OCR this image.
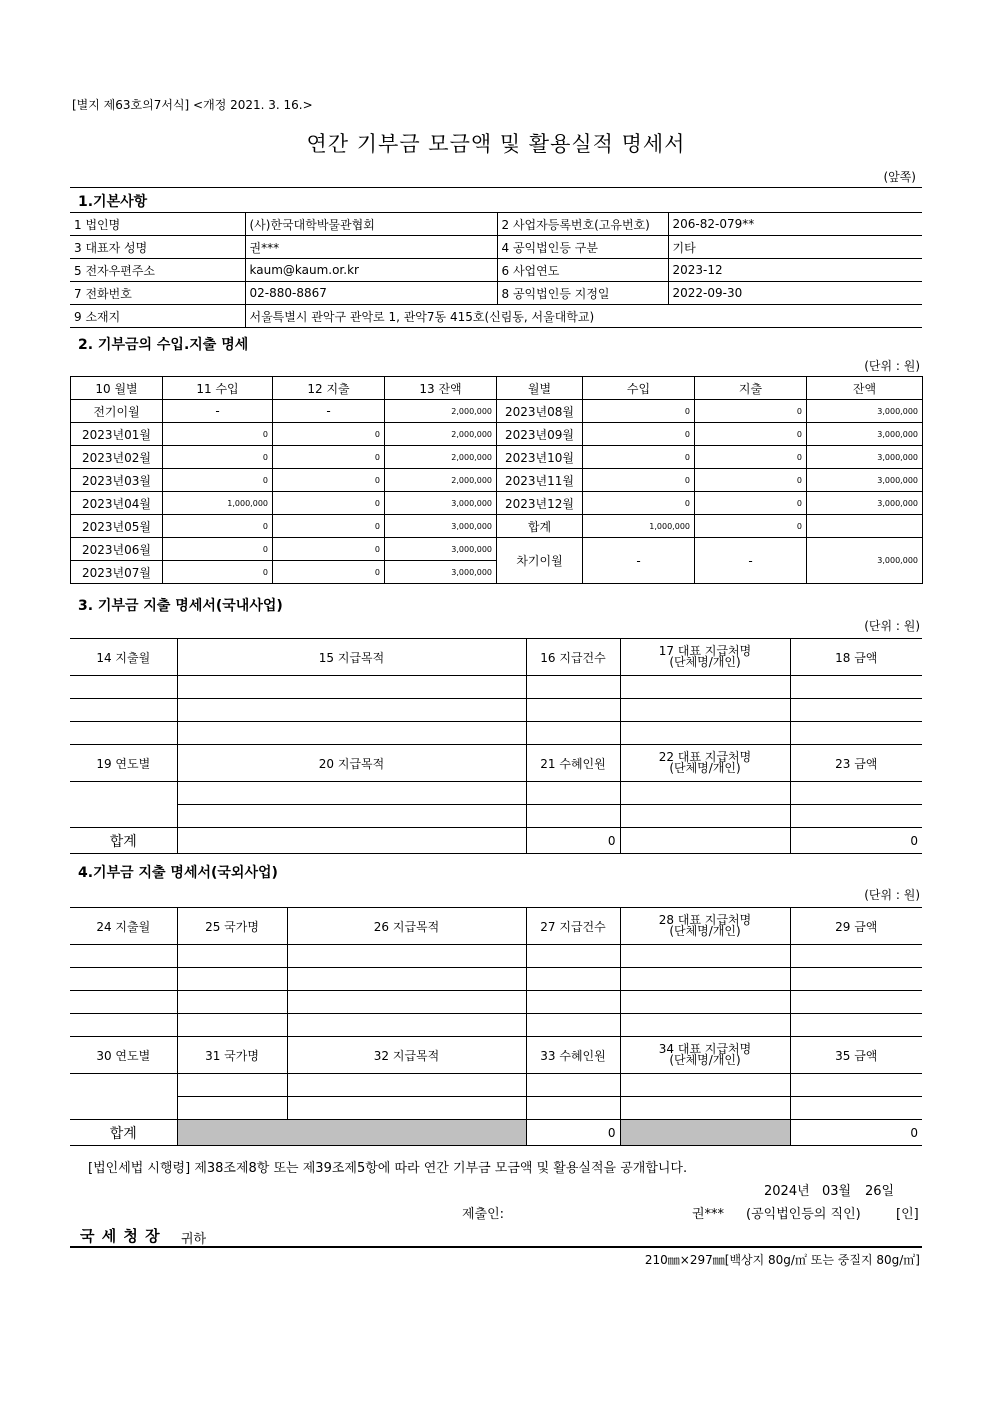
[별지 제63호의7서식] <개정 2021. 3. 16.>
연간 기부금 모금액 및 활용실적 명세서
(앞쪽)
1.기본사항
1 법인명	(사)한국대학박물관협회	2 사업자등록번호(고유번호)	206-82-079**
3 대표자 성명	권***	4 공익법인등 구분	기타
5 전자우편주소	kaum@kaum.or.kr	6 사업연도	2023-12
7 전화번호	02-880-8867	8 공익법인등 지정일	2022-09-30
9 소재지	서울특별시 관악구 관악로 1, 관악7동 415호(신림동, 서울대학교)		
2. 기부금의 수입.지출 명세
(단위 : 원)
10 월별	11 수입	12 지출	13 잔액	월별	수입	지출	잔액
전기이월	-	-	2,000,000	2023년08월	0	0	3,000,000
2023년01월	0	0	2,000,000	2023년09월	0	0	3,000,000
2023년02월	0	0	2,000,000	2023년10월	0	0	3,000,000
2023년03월	0	0	2,000,000	2023년11월	0	0	3,000,000
2023년04월	1,000,000	0	3,000,000	2023년12월	0	0	3,000,000
2023년05월	0	0	3,000,000	합계	1,000,000	0	
2023년06월	0	0	3,000,000	차기이월	-	-	3,000,000
2023년07월	0	0	3,000,000				
3. 기부금 지출 명세서(국내사업)
(단위 : 원)
14 지출월	15 지급목적	16 지급건수	17 대표 지급처명
(단체명/개인)	18 금액

19 연도별	20 지급목적	21 수혜인원	22 대표 지급처명
(단체명/개인)	23 금액

합계		0		0
4.기부금 지출 명세서(국외사업)
(단위 : 원)
24 지출월	25 국가명	26 지급목적	27 지급건수	28 대표 지급처명
(단체명/개인)	29 금액

30 연도별	31 국가명	32 지급목적	33 수혜인원	34 대표 지급처명
(단체명/개인)	35 금액

합계			0		0
[법인세법 시행령] 제38조제8항 또는 제39조제5항에 따라 연간 기부금 모금액 및 활용실적을 공개합니다.
2024년 03월 26일
제출인:	권*** (공익법인등의 직인)	[인]
국 세 청 장 귀하
210㎜×297㎜[백상지 80g/㎡ 또는 중질지 80g/㎡]
